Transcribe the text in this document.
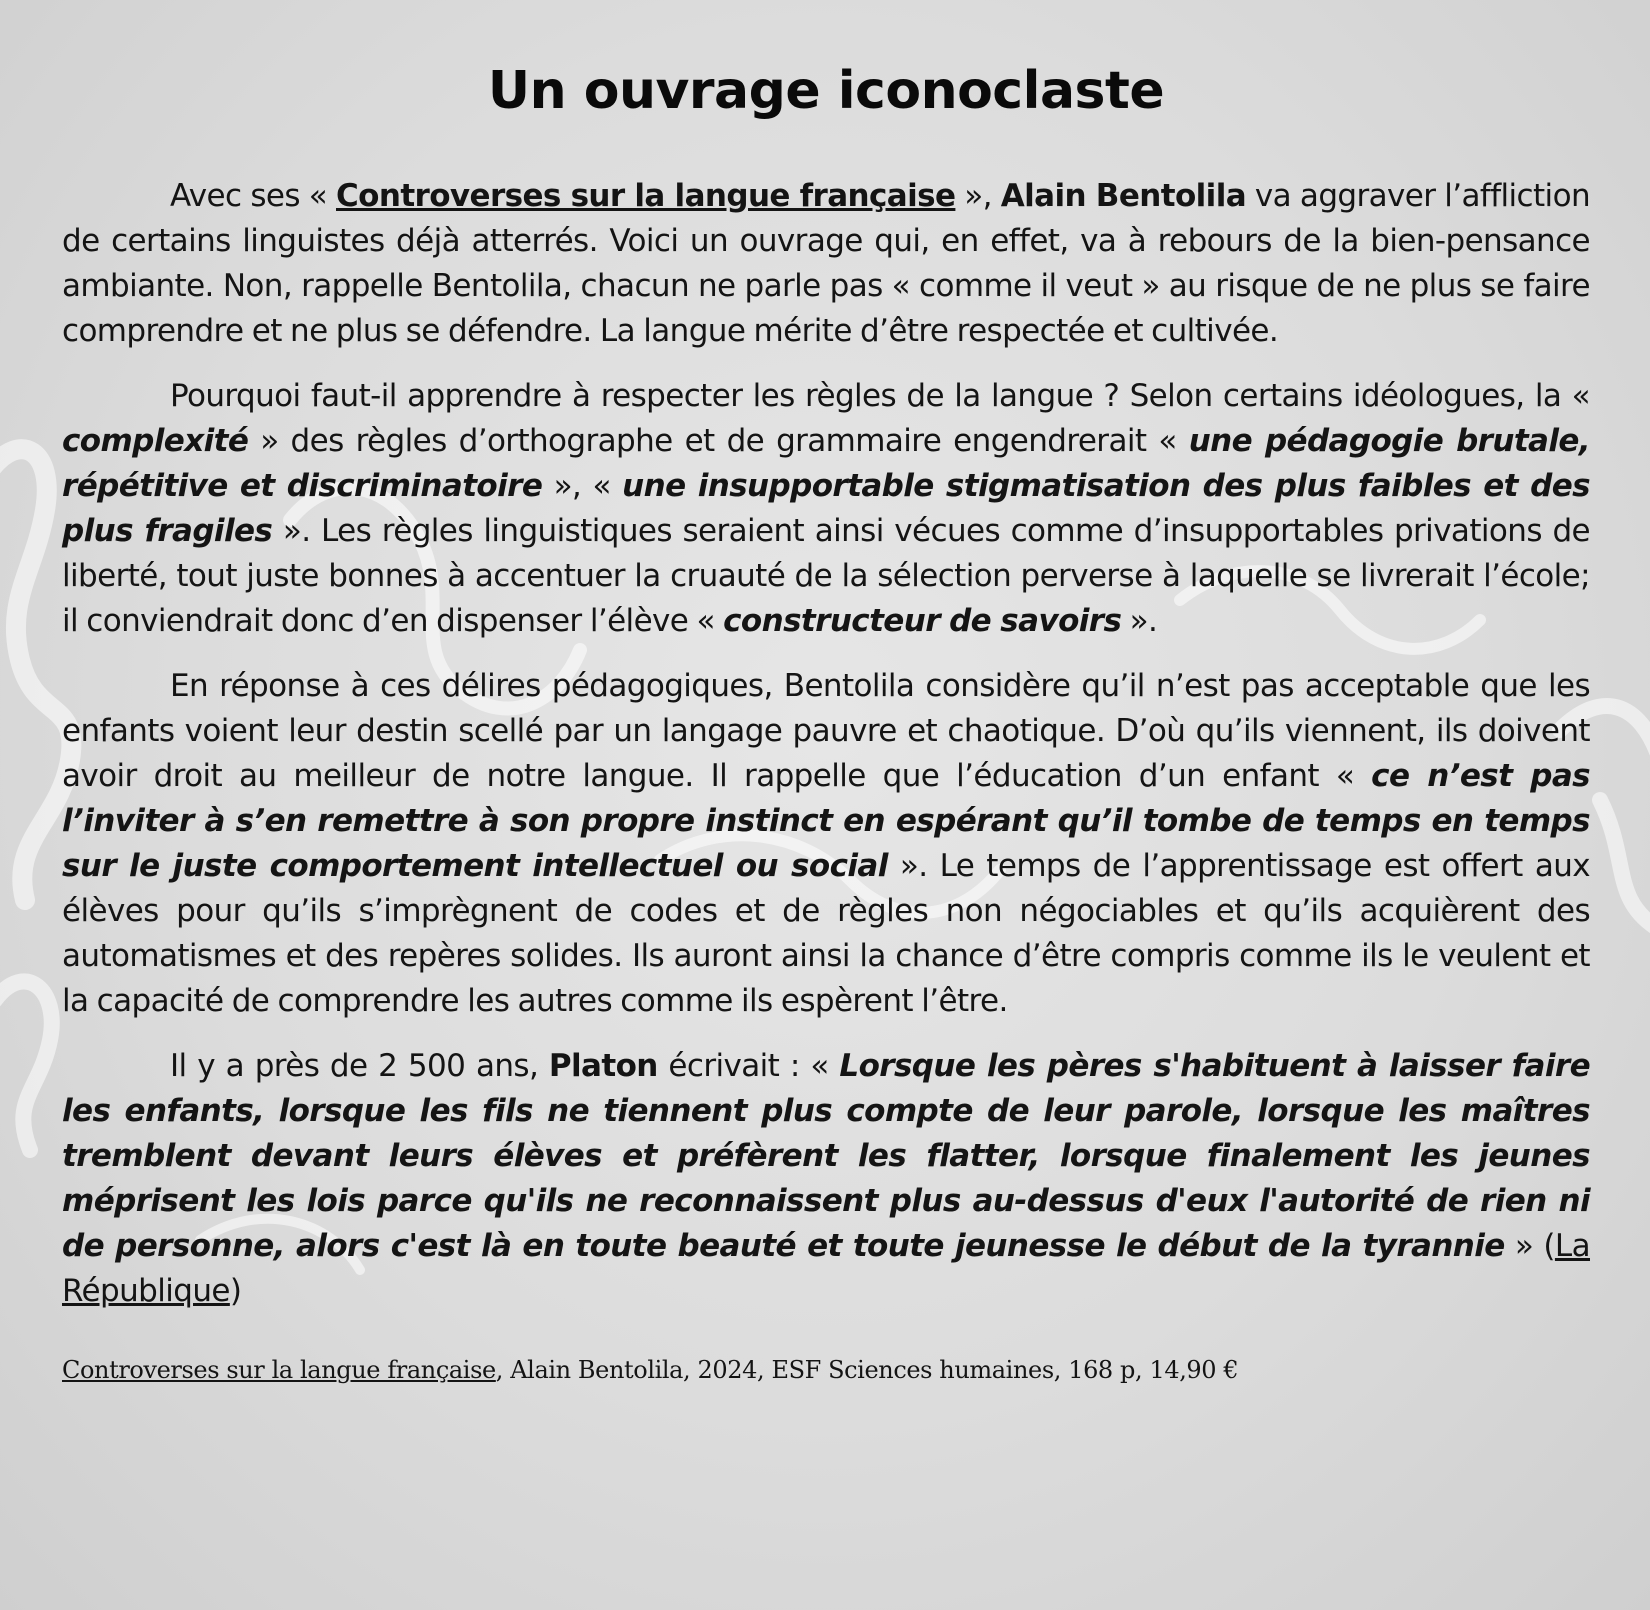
Un ouvrage iconoclaste

Avec ses « Controverses sur la langue française », Alain Bentolila va aggraver l’affliction de certains linguistes déjà atterrés. Voici un ouvrage qui, en effet, va à rebours de la bien-pensance ambiante. Non, rappelle Bentolila, chacun ne parle pas « comme il veut » au risque de ne plus se faire comprendre et ne plus se défendre. La langue mérite d’être respectée et cultivée.

Pourquoi faut-il apprendre à respecter les règles de la langue ? Selon certains idéologues, la « complexité » des règles d’orthographe et de grammaire engendrerait « une pédagogie brutale, répétitive et discriminatoire », « une insupportable stigmatisation des plus faibles et des plus fragiles ». Les règles linguistiques seraient ainsi vécues comme d’insupportables privations de liberté, tout juste bonnes à accentuer la cruauté de la sélection perverse à laquelle se livrerait l’école; il conviendrait donc d’en dispenser l’élève « constructeur de savoirs ».

En réponse à ces délires pédagogiques, Bentolila considère qu’il n’est pas acceptable que les enfants voient leur destin scellé par un langage pauvre et chaotique. D’où qu’ils viennent, ils doivent avoir droit au meilleur de notre langue. Il rappelle que l’éducation d’un enfant « ce n’est pas l’inviter à s’en remettre à son propre instinct en espérant qu’il tombe de temps en temps sur le juste comportement intellectuel ou social ». Le temps de l’apprentissage est offert aux élèves pour qu’ils s’imprègnent de codes et de règles non négociables et qu’ils acquièrent des automatismes et des repères solides. Ils auront ainsi la chance d’être compris comme ils le veulent et la capacité de comprendre les autres comme ils espèrent l’être.

Il y a près de 2 500 ans, Platon écrivait : « Lorsque les pères s'habituent à laisser faire les enfants, lorsque les fils ne tiennent plus compte de leur parole, lorsque les maîtres tremblent devant leurs élèves et préfèrent les flatter, lorsque finalement les jeunes méprisent les lois parce qu'ils ne reconnaissent plus au-dessus d'eux l'autorité de rien ni de personne, alors c'est là en toute beauté et toute jeunesse le début de la tyrannie » (La République)

Controverses sur la langue française, Alain Bentolila, 2024, ESF Sciences humaines, 168 p, 14,90 €
